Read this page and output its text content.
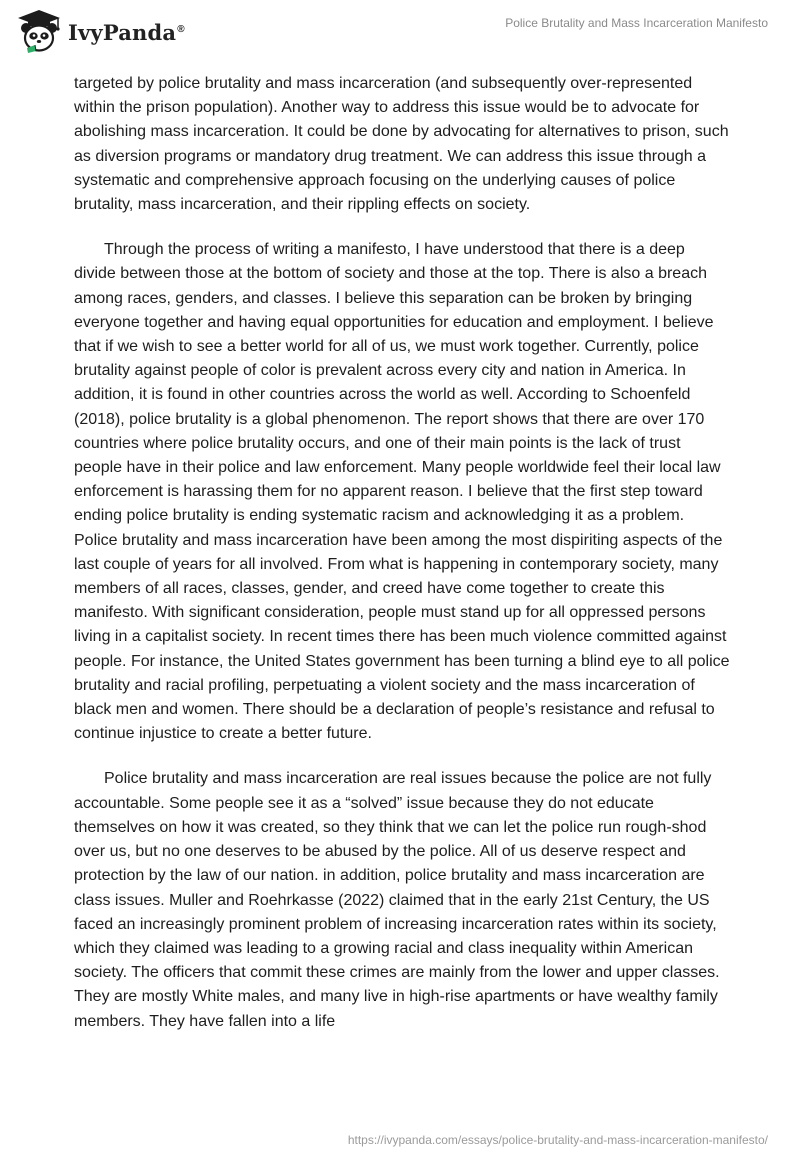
IvyPanda®	Police Brutality and Mass Incarceration Manifesto

targeted by police brutality and mass incarceration (and subsequently over-represented within the prison population). Another way to address this issue would be to advocate for abolishing mass incarceration. It could be done by advocating for alternatives to prison, such as diversion programs or mandatory drug treatment. We can address this issue through a systematic and comprehensive approach focusing on the underlying causes of police brutality, mass incarceration, and their rippling effects on society.

Through the process of writing a manifesto, I have understood that there is a deep divide between those at the bottom of society and those at the top. There is also a breach among races, genders, and classes. I believe this separation can be broken by bringing everyone together and having equal opportunities for education and employment. I believe that if we wish to see a better world for all of us, we must work together. Currently, police brutality against people of color is prevalent across every city and nation in America. In addition, it is found in other countries across the world as well. According to Schoenfeld (2018), police brutality is a global phenomenon. The report shows that there are over 170 countries where police brutality occurs, and one of their main points is the lack of trust people have in their police and law enforcement. Many people worldwide feel their local law enforcement is harassing them for no apparent reason. I believe that the first step toward ending police brutality is ending systematic racism and acknowledging it as a problem. Police brutality and mass incarceration have been among the most dispiriting aspects of the last couple of years for all involved. From what is happening in contemporary society, many members of all races, classes, gender, and creed have come together to create this manifesto. With significant consideration, people must stand up for all oppressed persons living in a capitalist society. In recent times there has been much violence committed against people. For instance, the United States government has been turning a blind eye to all police brutality and racial profiling, perpetuating a violent society and the mass incarceration of black men and women. There should be a declaration of people’s resistance and refusal to continue injustice to create a better future.

Police brutality and mass incarceration are real issues because the police are not fully accountable. Some people see it as a “solved” issue because they do not educate themselves on how it was created, so they think that we can let the police run rough-shod over us, but no one deserves to be abused by the police. All of us deserve respect and protection by the law of our nation. in addition, police brutality and mass incarceration are class issues. Muller and Roehrkasse (2022) claimed that in the early 21st Century, the US faced an increasingly prominent problem of increasing incarceration rates within its society, which they claimed was leading to a growing racial and class inequality within American society. The officers that commit these crimes are mainly from the lower and upper classes. They are mostly White males, and many live in high-rise apartments or have wealthy family members. They have fallen into a life

https://ivypanda.com/essays/police-brutality-and-mass-incarceration-manifesto/
